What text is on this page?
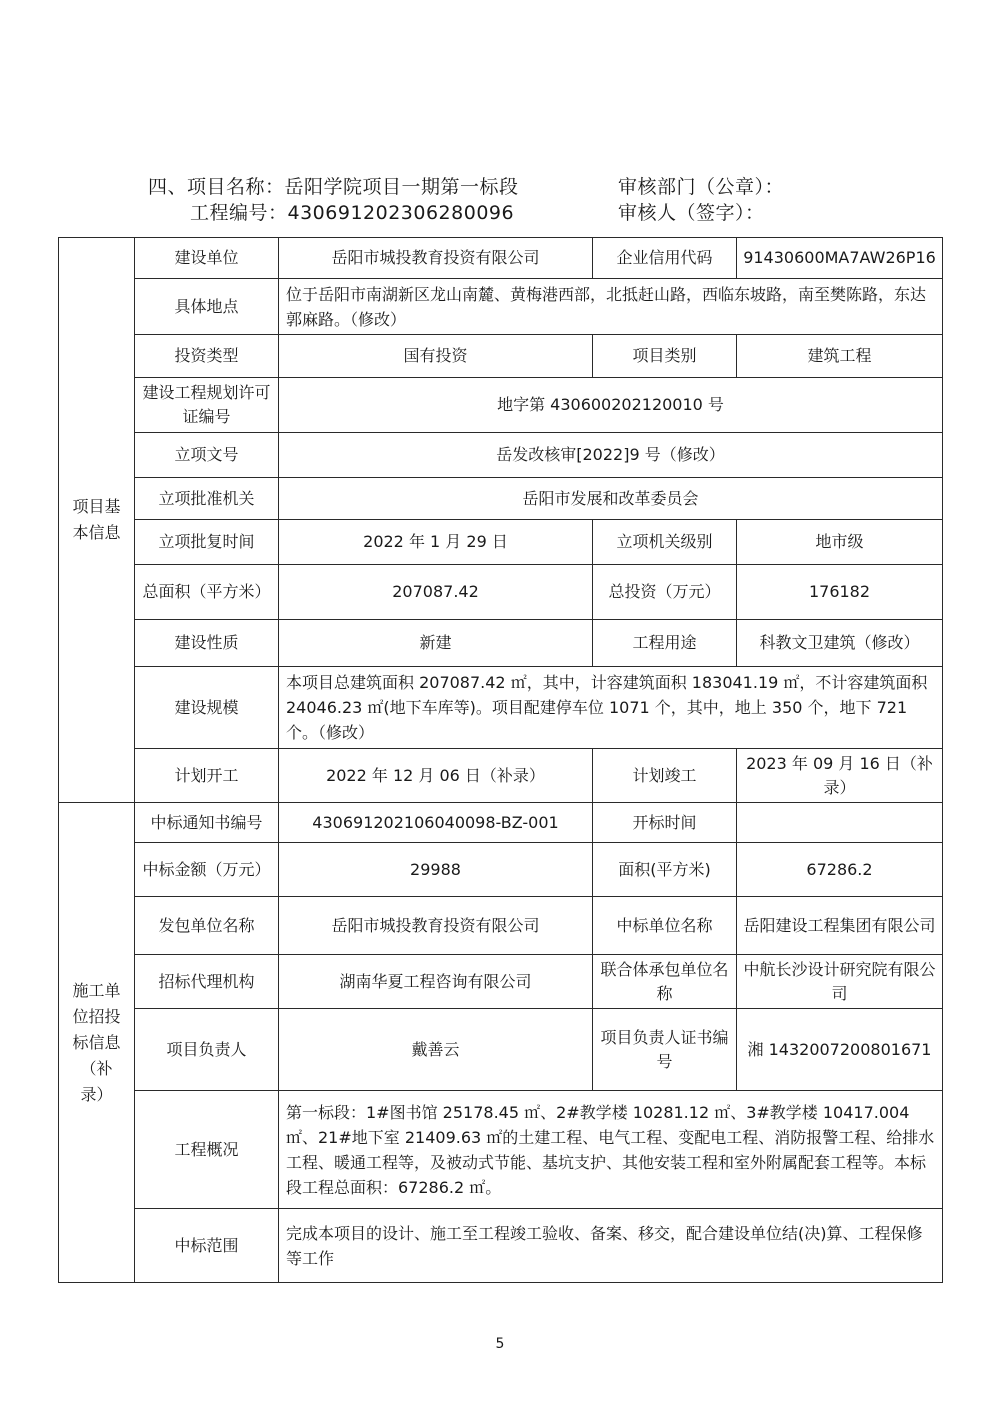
四、项目名称：岳阳学院项目一期第一标段	审核部门（公章）：
工程编号：430691202306280096	审核人（签字）：
项目基本信息	建设单位	岳阳市城投教育投资有限公司	企业信用代码	91430600MA7AW26P16
	具体地点	位于岳阳市南湖新区龙山南麓、黄梅港西部，北抵赶山路，西临东坡路，南至樊陈路，东达郭麻路。（修改）		
	投资类型	国有投资	项目类别	建筑工程
	建设工程规划许可证编号	地字第 430600202120010 号		
	立项文号	岳发改核审[2022]9 号（修改）		
	立项批准机关	岳阳市发展和改革委员会		
	立项批复时间	2022 年 1 月 29 日	立项机关级别	地市级
	总面积（平方米）	207087.42	总投资（万元）	176182
	建设性质	新建	工程用途	科教文卫建筑（修改）
	建设规模	本项目总建筑面积 207087.42 ㎡，其中，计容建筑面积 183041.19 ㎡，不计容建筑面积 24046.23 ㎡(地下车库等)。项目配建停车位 1071 个，其中，地上 350 个，地下 721 个。（修改）		
	计划开工	2022 年 12 月 06 日（补录）	计划竣工	2023 年 09 月 16 日（补录）
施工单位招投标信息（补录）	中标通知书编号	430691202106040098-BZ-001	开标时间	
	中标金额（万元）	29988	面积(平方米)	67286.2
	发包单位名称	岳阳市城投教育投资有限公司	中标单位名称	岳阳建设工程集团有限公司
	招标代理机构	湖南华夏工程咨询有限公司	联合体承包单位名称	中航长沙设计研究院有限公司
	项目负责人	戴善云	项目负责人证书编号	湘 1432007200801671
	工程概况	第一标段：1#图书馆 25178.45 ㎡、2#教学楼 10281.12 ㎡、3#教学楼 10417.004 ㎡、21#地下室 21409.63 ㎡的土建工程、电气工程、变配电工程、消防报警工程、给排水工程、暖通工程等，及被动式节能、基坑支护、其他安装工程和室外附属配套工程等。本标段工程总面积：67286.2 ㎡。		
	中标范围	完成本项目的设计、施工至工程竣工验收、备案、移交，配合建设单位结(决)算、工程保修等工作		
5
